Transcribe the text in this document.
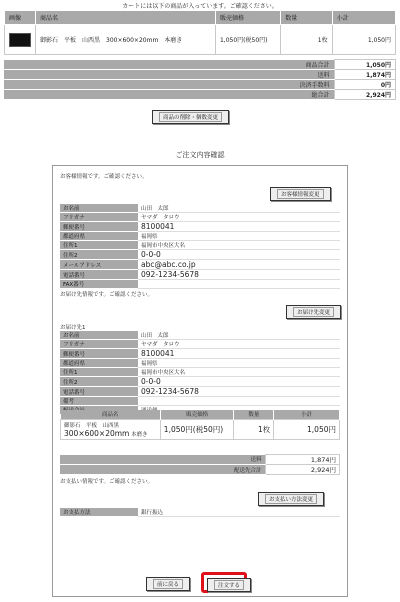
カートには以下の商品が入っています。ご確認ください。
画像	商品名	販売価格	数量	小計
	御影石　平板　山西黒　300×600×20mm　本磨き	1,050円(税50円)	1枚	1,050円
商品合計	1,050円
送料	1,874円
決済手数料	0円
総合計	2,924円
商品の削除・個数変更
ご注文内容確認
お客様情報です。ご確認ください。
お客様情報変更
お名前	山田　太郎
フリガナ	ヤマダ　タロウ
郵便番号	8100041
都道府県	福岡県
住所1	福岡市中央区大名
住所2	0-0-0
メールアドレス	abc@abc.co.jp
電話番号	092-1234-5678
FAX番号	
お届け先情報です。ご確認ください。
お届け先変更
お届け先1
お名前	山田　太郎
フリガナ	ヤマダ　タロウ
郵便番号	8100041
都道府県	福岡県
住所1	福岡市中央区大名
住所2	0-0-0
電話番号	092-1234-5678
備考	

商品名	販売価格	数量	小計

御影石　平板　山西黒
300×600×20mm 本磨き	1,050円(税50円)	1枚	1,050円
送料	1,874円
配送先合計	2,924円
お支払い情報です。ご確認ください。
お支払い方法変更
お支払方法	銀行振込
前に戻る	注文する
